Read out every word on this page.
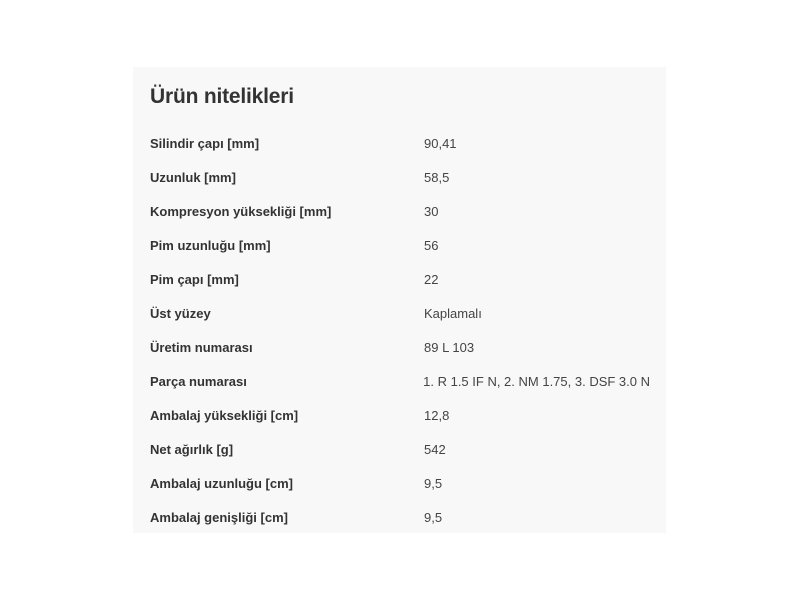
Ürün nitelikleri
Silindir çapı [mm]	90,41
Uzunluk [mm]	58,5
Kompresyon yüksekliği [mm]	30
Pim uzunluğu [mm]	56
Pim çapı [mm]	22
Üst yüzey	Kaplamalı
Üretim numarası	89 L 103
Parça numarası	1. R 1.5 IF N, 2. NM 1.75, 3. DSF 3.0 N
Ambalaj yüksekliği [cm]	12,8
Net ağırlık [g]	542
Ambalaj uzunluğu [cm]	9,5
Ambalaj genişliği [cm]	9,5
